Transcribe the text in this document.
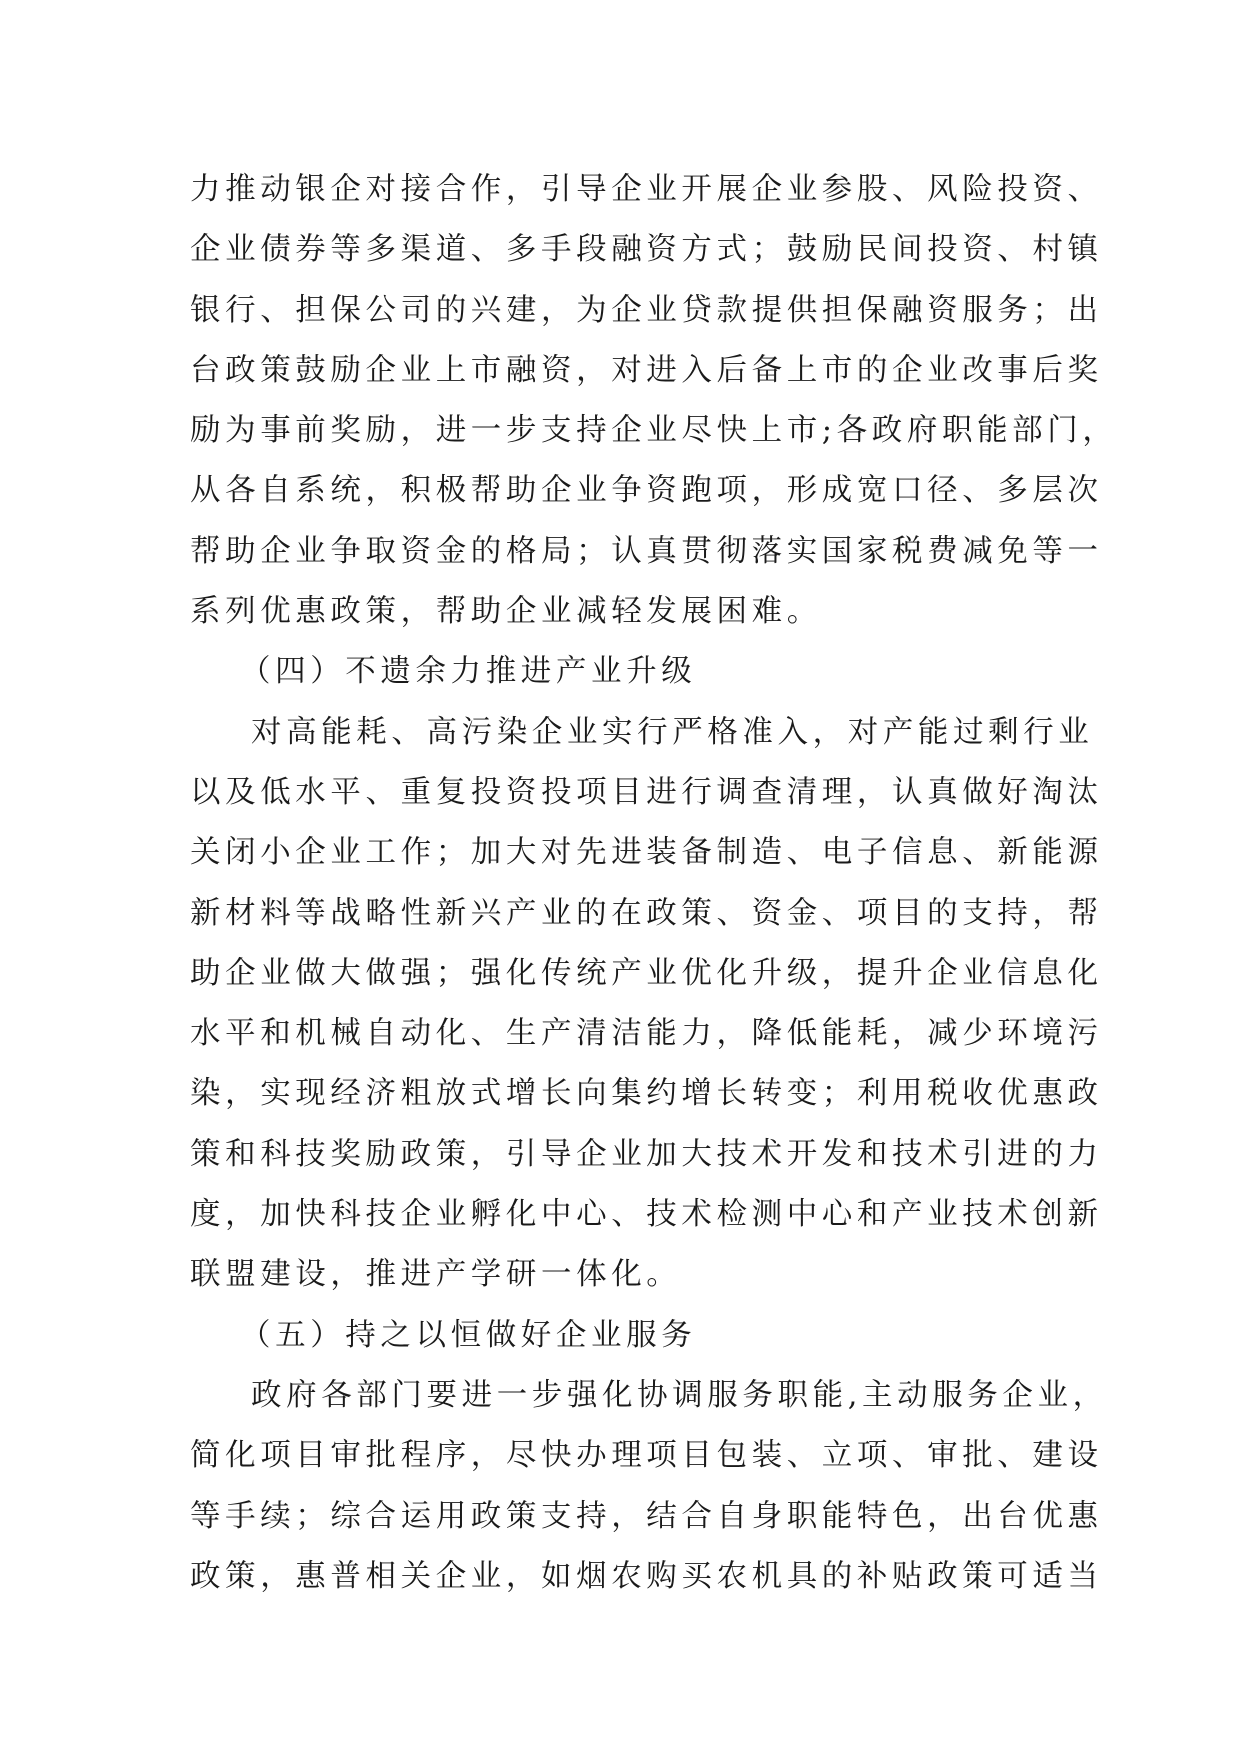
力推动银企对接合作，引导企业开展企业参股、风险投资、
企业债券等多渠道、多手段融资方式；鼓励民间投资、村镇
银行、担保公司的兴建，为企业贷款提供担保融资服务；出
台政策鼓励企业上市融资，对进入后备上市的企业改事后奖
励为事前奖励，进一步支持企业尽快上市;各政府职能部门，
从各自系统，积极帮助企业争资跑项，形成宽口径、多层次
帮助企业争取资金的格局；认真贯彻落实国家税费减免等一
系列优惠政策，帮助企业减轻发展困难。
（四）不遗余力推进产业升级
对高能耗、高污染企业实行严格准入，对产能过剩行业
以及低水平、重复投资投项目进行调查清理，认真做好淘汰
关闭小企业工作；加大对先进装备制造、电子信息、新能源
新材料等战略性新兴产业的在政策、资金、项目的支持，帮
助企业做大做强；强化传统产业优化升级，提升企业信息化
水平和机械自动化、生产清洁能力，降低能耗，减少环境污
染，实现经济粗放式增长向集约增长转变；利用税收优惠政
策和科技奖励政策，引导企业加大技术开发和技术引进的力
度，加快科技企业孵化中心、技术检测中心和产业技术创新
联盟建设，推进产学研一体化。
（五）持之以恒做好企业服务
政府各部门要进一步强化协调服务职能,主动服务企业，
简化项目审批程序，尽快办理项目包装、立项、审批、建设
等手续；综合运用政策支持，结合自身职能特色，出台优惠
政策，惠普相关企业，如烟农购买农机具的补贴政策可适当
